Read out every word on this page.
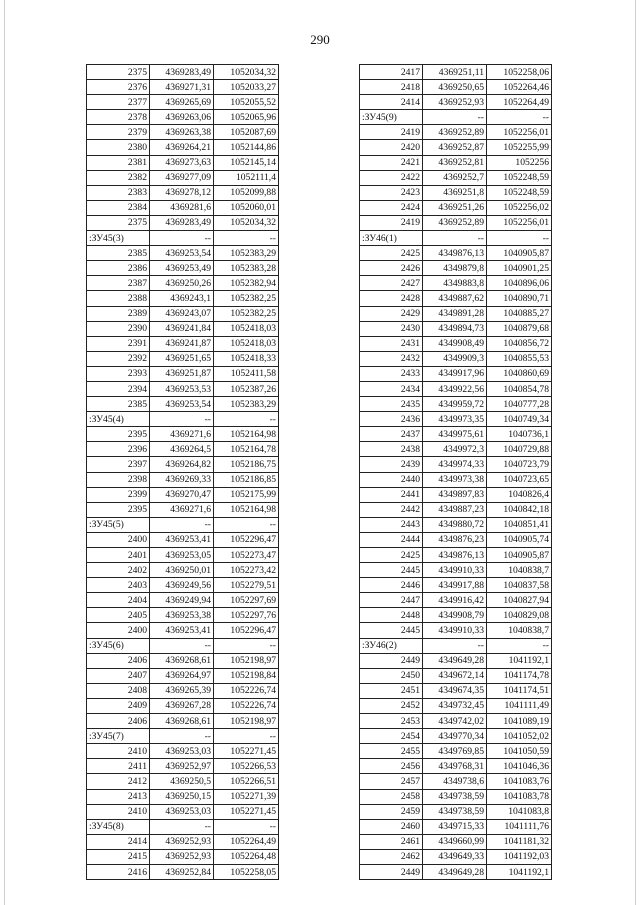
290
2375	4369283,49	1052034,32
2376	4369271,31	1052033,27
2377	4369265,69	1052055,52
2378	4369263,06	1052065,96
2379	4369263,38	1052087,69
2380	4369264,21	1052144,86
2381	4369273,63	1052145,14
2382	4369277,09	1052111,4
2383	4369278,12	1052099,88
2384	4369281,6	1052060,01
2375	4369283,49	1052034,32
:ЗУ45(3)	--	--
2385	4369253,54	1052383,29
2386	4369253,49	1052383,28
2387	4369250,26	1052382,94
2388	4369243,1	1052382,25
2389	4369243,07	1052382,25
2390	4369241,84	1052418,03
2391	4369241,87	1052418,03
2392	4369251,65	1052418,33
2393	4369251,87	1052411,58
2394	4369253,53	1052387,26
2385	4369253,54	1052383,29
:ЗУ45(4)	--	--
2395	4369271,6	1052164,98
2396	4369264,5	1052164,78
2397	4369264,82	1052186,75
2398	4369269,33	1052186,85
2399	4369270,47	1052175,99
2395	4369271,6	1052164,98
:ЗУ45(5)	--	--
2400	4369253,41	1052296,47
2401	4369253,05	1052273,47
2402	4369250,01	1052273,42
2403	4369249,56	1052279,51
2404	4369249,94	1052297,69
2405	4369253,38	1052297,76
2400	4369253,41	1052296,47
:ЗУ45(6)	--	--
2406	4369268,61	1052198,97
2407	4369264,97	1052198,84
2408	4369265,39	1052226,74
2409	4369267,28	1052226,74
2406	4369268,61	1052198,97
:ЗУ45(7)	--	--
2410	4369253,03	1052271,45
2411	4369252,97	1052266,53
2412	4369250,5	1052266,51
2413	4369250,15	1052271,39
2410	4369253,03	1052271,45
:ЗУ45(8)	--	--
2414	4369252,93	1052264,49
2415	4369252,93	1052264,48
2416	4369252,84	1052258,05
2417	4369251,11	1052258,06
2418	4369250,65	1052264,46
2414	4369252,93	1052264,49
:ЗУ45(9)	--	--
2419	4369252,89	1052256,01
2420	4369252,87	1052255,99
2421	4369252,81	1052256
2422	4369252,7	1052248,59
2423	4369251,8	1052248,59
2424	4369251,26	1052256,02
2419	4369252,89	1052256,01
:ЗУ46(1)	--	--
2425	4349876,13	1040905,87
2426	4349879,8	1040901,25
2427	4349883,8	1040896,06
2428	4349887,62	1040890,71
2429	4349891,28	1040885,27
2430	4349894,73	1040879,68
2431	4349908,49	1040856,72
2432	4349909,3	1040855,53
2433	4349917,96	1040860,69
2434	4349922,56	1040854,78
2435	4349959,72	1040777,28
2436	4349973,35	1040749,34
2437	4349975,61	1040736,1
2438	4349972,3	1040729,88
2439	4349974,33	1040723,79
2440	4349973,38	1040723,65
2441	4349897,83	1040826,4
2442	4349887,23	1040842,18
2443	4349880,72	1040851,41
2444	4349876,23	1040905,74
2425	4349876,13	1040905,87
2445	4349910,33	1040838,7
2446	4349917,88	1040837,58
2447	4349916,42	1040827,94
2448	4349908,79	1040829,08
2445	4349910,33	1040838,7
:ЗУ46(2)	--	--
2449	4349649,28	1041192,1
2450	4349672,14	1041174,78
2451	4349674,35	1041174,51
2452	4349732,45	1041111,49
2453	4349742,02	1041089,19
2454	4349770,34	1041052,02
2455	4349769,85	1041050,59
2456	4349768,31	1041046,36
2457	4349738,6	1041083,76
2458	4349738,59	1041083,78
2459	4349738,59	1041083,8
2460	4349715,33	1041111,76
2461	4349660,99	1041181,32
2462	4349649,33	1041192,03
2449	4349649,28	1041192,1
